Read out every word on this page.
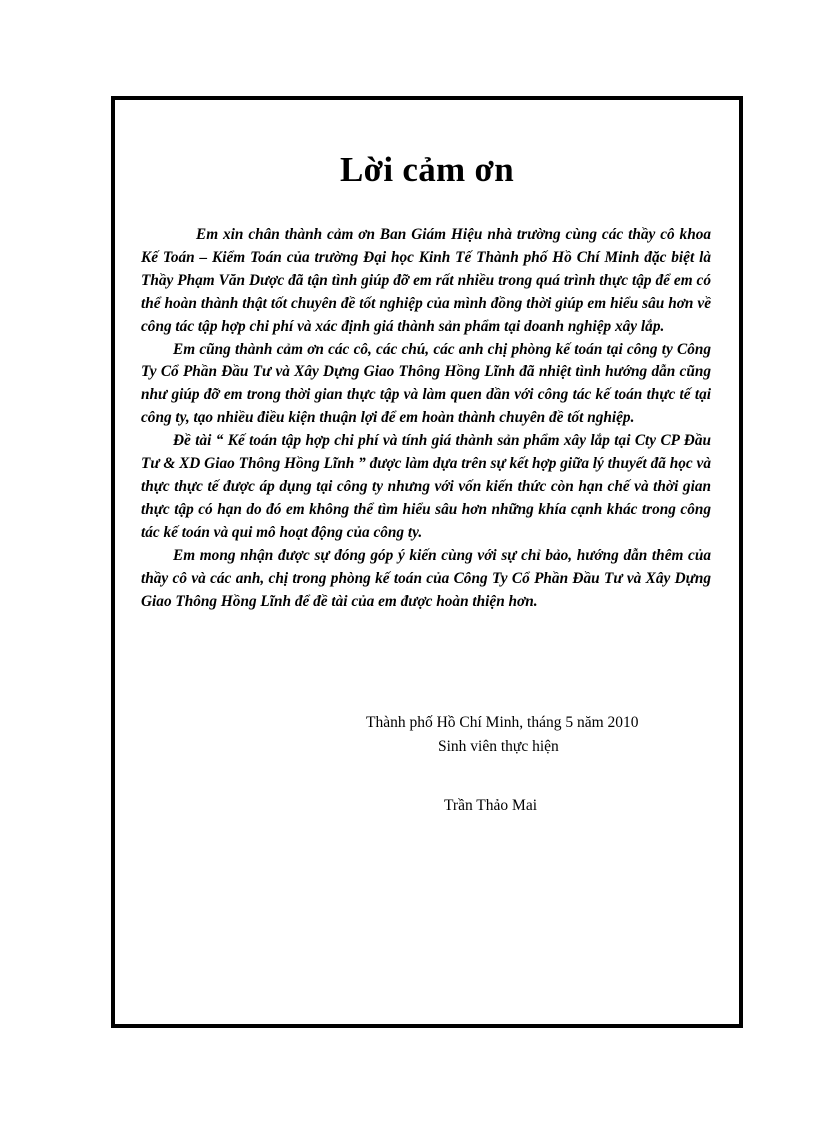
Lời cảm ơn

Em xin chân thành cảm ơn Ban Giám Hiệu nhà trường cùng các thầy cô khoa Kế Toán – Kiểm Toán của trường Đại học Kinh Tế Thành phố Hồ Chí Minh đặc biệt là Thầy Phạm Văn Dược đã tận tình giúp đỡ em rất nhiều trong quá trình thực tập để em có thể hoàn thành thật tốt chuyên đề tốt nghiệp của mình đồng thời giúp em hiểu sâu hơn về công tác tập hợp chi phí và xác định giá thành sản phẩm tại doanh nghiệp xây lắp.

Em cũng thành cảm ơn các cô, các chú, các anh chị phòng kế toán tại công ty Công Ty Cổ Phần Đầu Tư và Xây Dựng Giao Thông Hồng Lĩnh đã nhiệt tình hướng dẫn cũng như giúp đỡ em trong thời gian thực tập và làm quen dần với công tác kế toán thực tế tại công ty, tạo nhiều điều kiện thuận lợi để em hoàn thành chuyên đề tốt nghiệp.

Đề tài “ Kế toán tập hợp chi phí và tính giá thành sản phẩm xây lắp tại Cty CP Đầu Tư & XD Giao Thông Hồng Lĩnh ” được làm dựa trên sự kết hợp giữa lý thuyết đã học và thực thực tế được áp dụng tại công ty nhưng với vốn kiến thức còn hạn chế và thời gian thực tập có hạn do đó em không thể tìm hiểu sâu hơn những khía cạnh khác trong công tác kế toán và qui mô hoạt động của công ty.

Em mong nhận được sự đóng góp ý kiến cùng với sự chỉ bảo, hướng dẫn thêm của thầy cô và các anh, chị trong phòng kế toán của Công Ty Cổ Phần Đầu Tư và Xây Dựng Giao Thông Hồng Lĩnh để đề tài của em được hoàn thiện hơn.

Thành phố Hồ Chí Minh, tháng 5 năm 2010
Sinh viên thực hiện
Trần Thảo Mai
